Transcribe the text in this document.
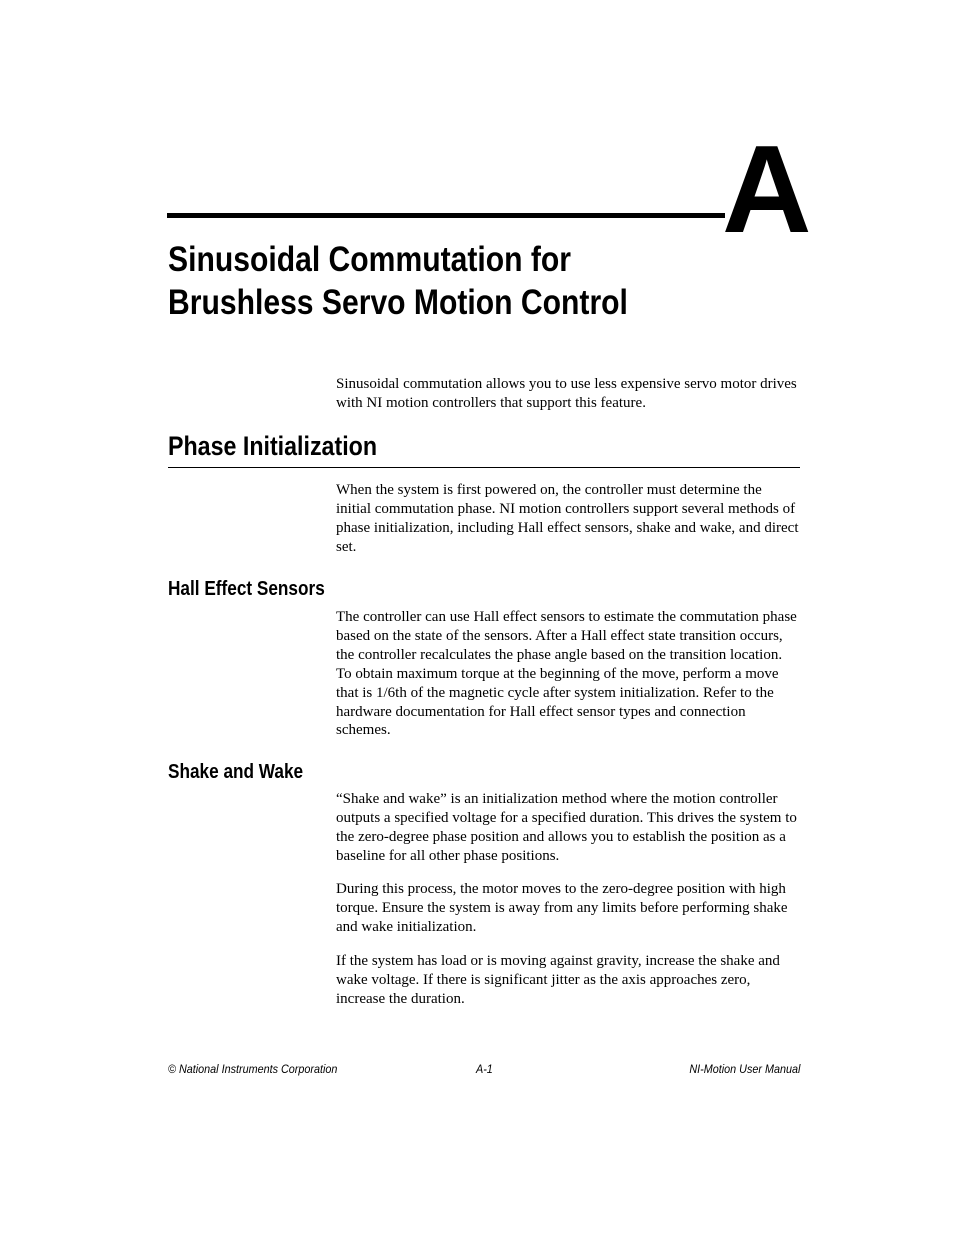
A
Sinusoidal Commutation for
Brushless Servo Motion Control

Sinusoidal commutation allows you to use less expensive servo motor drives with NI motion controllers that support this feature.

Phase Initialization

When the system is first powered on, the controller must determine the initial commutation phase. NI motion controllers support several methods of phase initialization, including Hall effect sensors, shake and wake, and direct set.

Hall Effect Sensors

The controller can use Hall effect sensors to estimate the commutation phase based on the state of the sensors. After a Hall effect state transition occurs, the controller recalculates the phase angle based on the transition location. To obtain maximum torque at the beginning of the move, perform a move that is 1/6th of the magnetic cycle after system initialization. Refer to the hardware documentation for Hall effect sensor types and connection schemes.

Shake and Wake

“Shake and wake” is an initialization method where the motion controller outputs a specified voltage for a specified duration. This drives the system to the zero-degree phase position and allows you to establish the position as a baseline for all other phase positions.

During this process, the motor moves to the zero-degree position with high torque. Ensure the system is away from any limits before performing shake and wake initialization.

If the system has load or is moving against gravity, increase the shake and wake voltage. If there is significant jitter as the axis approaches zero, increase the duration.

© National Instruments Corporation	A-1	NI-Motion User Manual
